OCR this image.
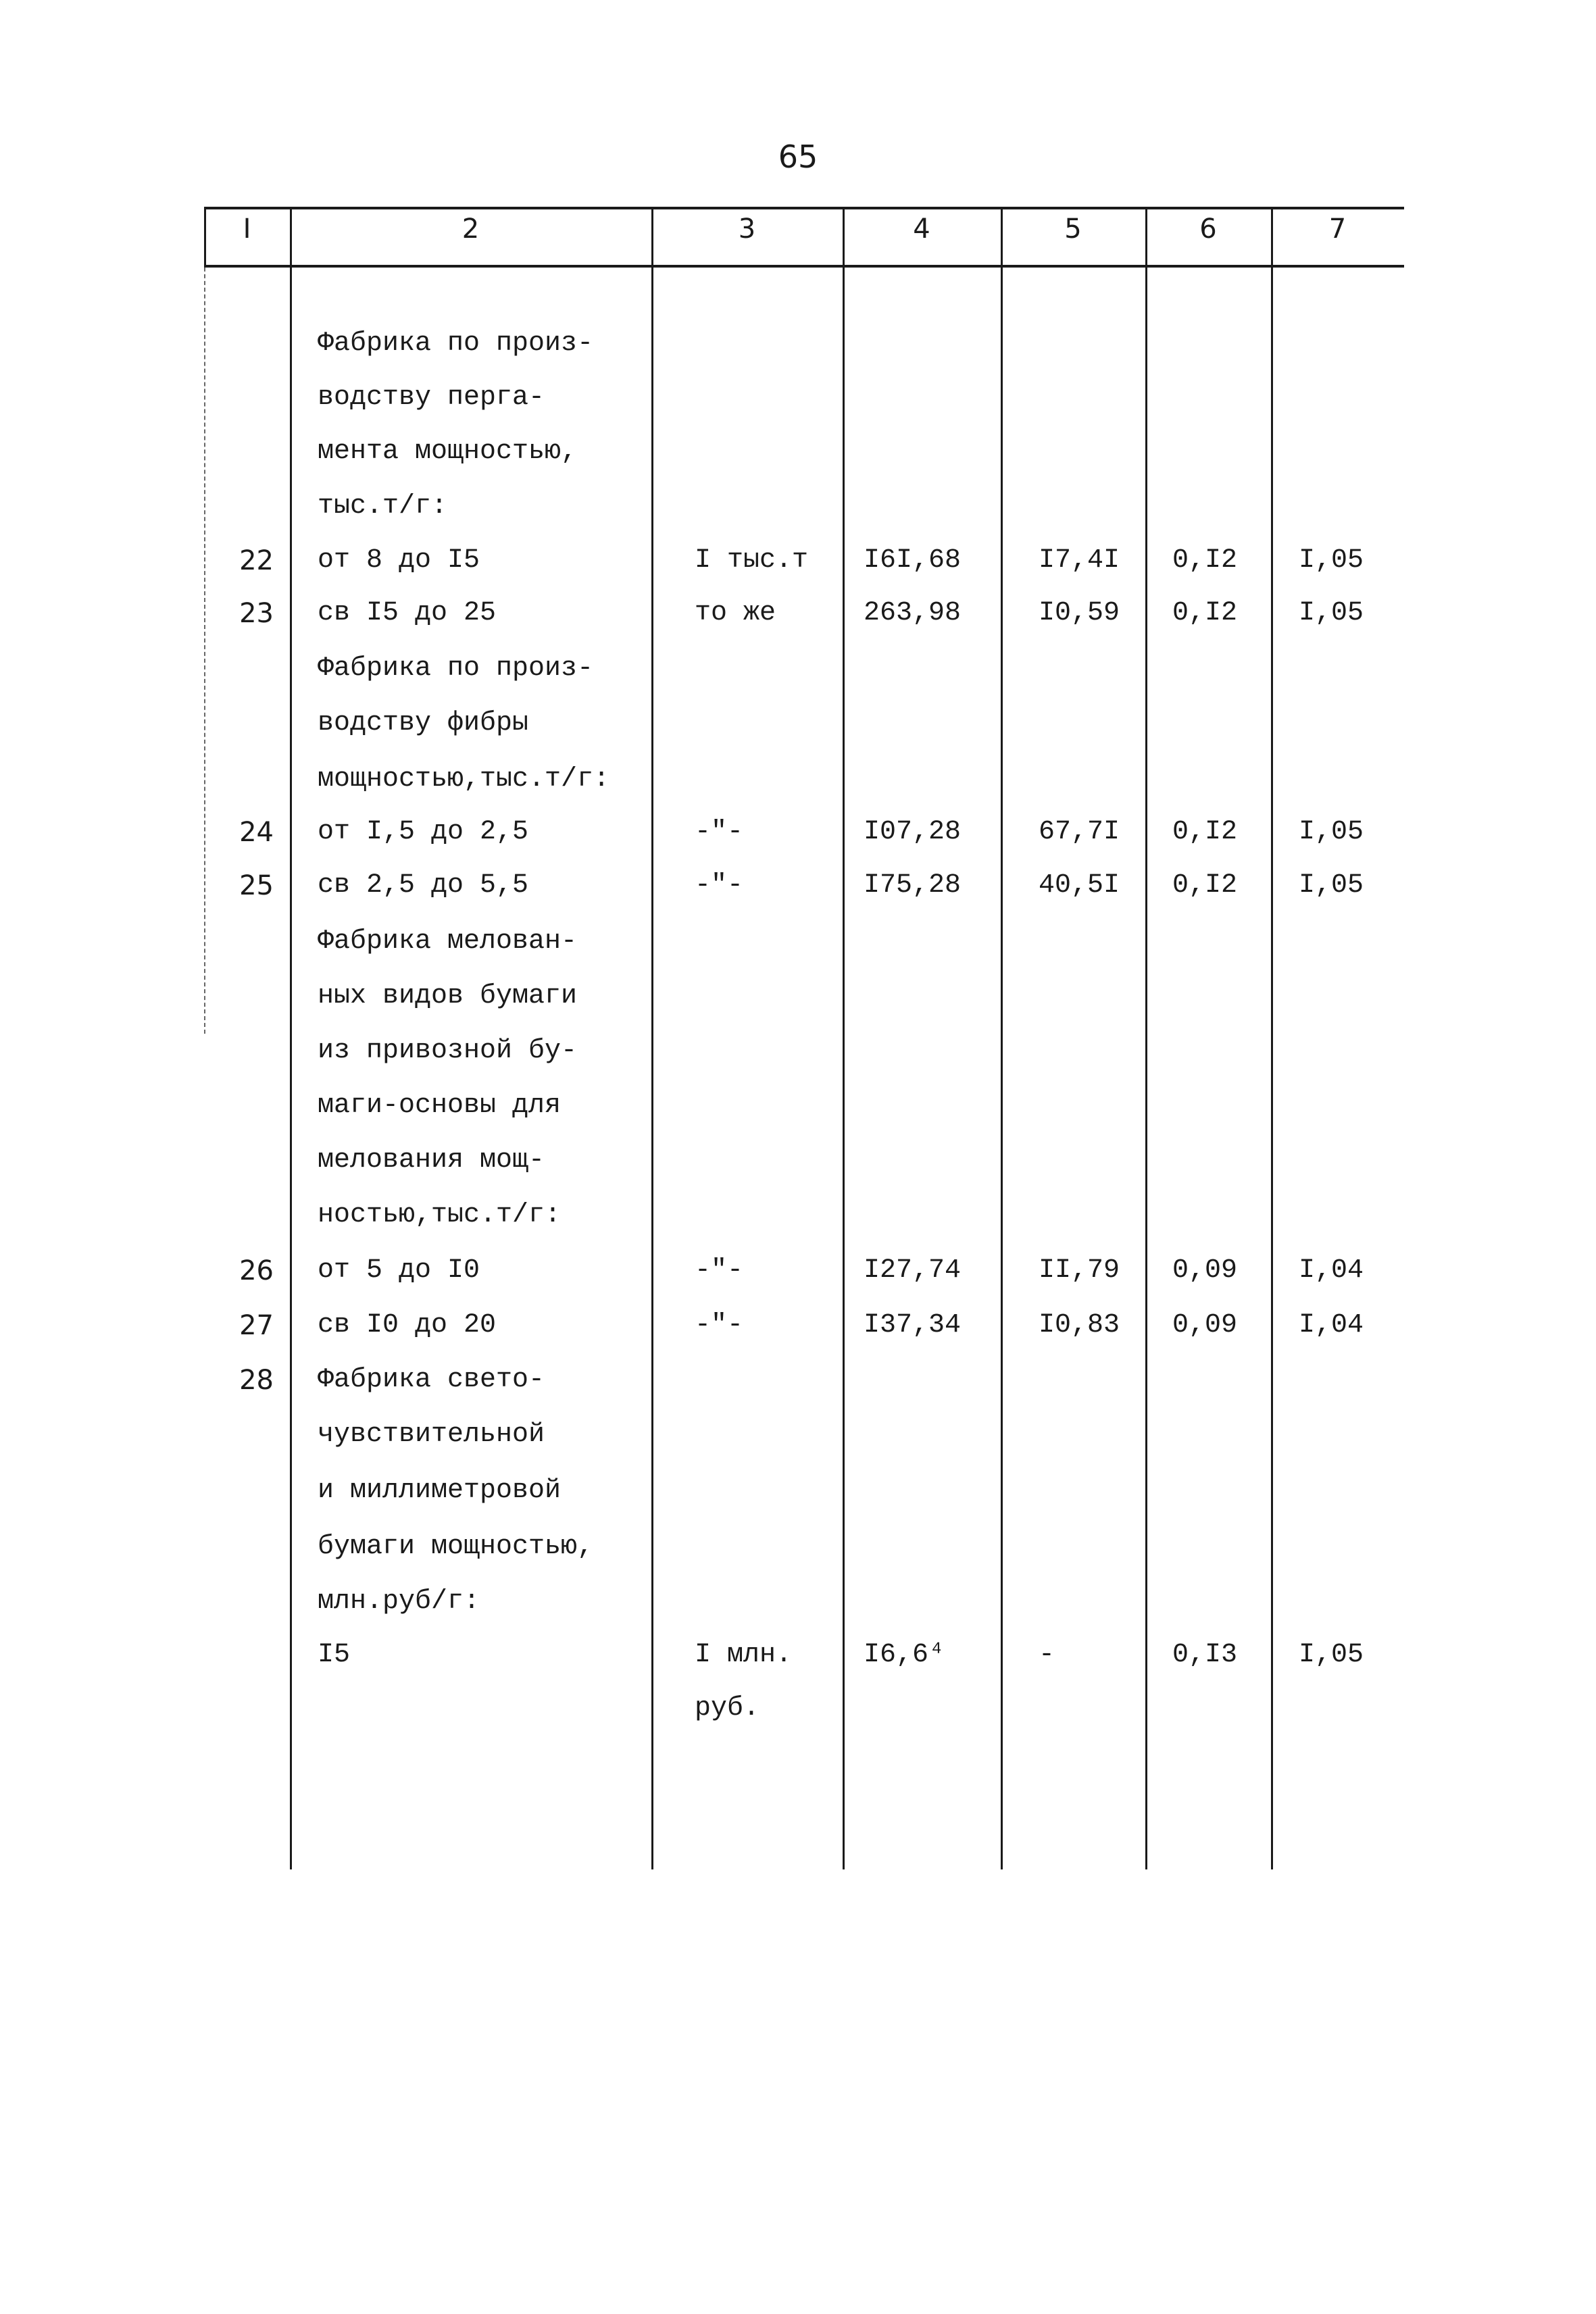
65
I	2	3	4	5	6	7
Фабрика по произ-
водству перга-
мента мощностью,
тыс.т/г:
22 от 8 до I5	I тыс.т I6I,68	I7,4I 0,I2 I,05
23 св I5 до 25	то же	263,98	I0,59 0,I2 I,05
Фабрика по произ-
водству фибры
мощностью,тыс.т/г:
24 от I,5 до 2,5	-"-	I07,28	67,7I 0,I2 I,05
25 св 2,5 до 5,5	-"-	I75,28	40,5I 0,I2 I,05
Фабрика мелован-
ных видов бумаги
из привозной бу-
маги-основы для
мелования мощ-
ностью,тыс.т/г:
26 от 5 до I0	-"-	I27,74	II,79 0,09 I,04
27 св I0 до 20	-"-	I37,34	I0,83 0,09 I,04
28 Фабрика свето-
чувствительной
и миллиметровой
бумаги мощностью,
млн.руб/г:
I5	I млн.	I6,6⁴	-	0,I3 I,05
руб.
